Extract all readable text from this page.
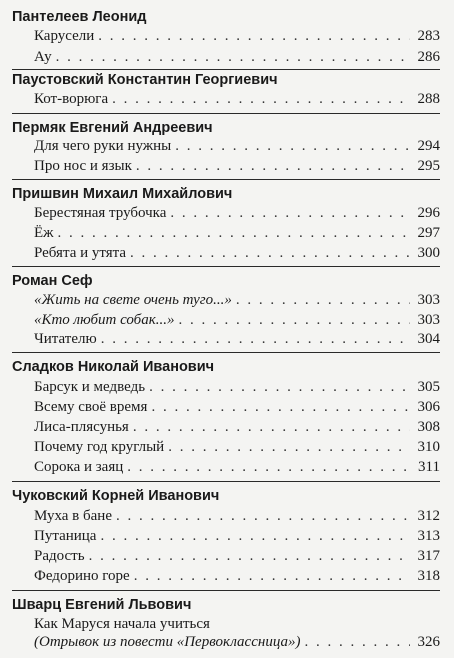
Пантелеев Леонид
Карусели . . .	283
Ау . . .	286
Паустовский Константин Георгиевич
Кот-ворюга . . .	288
Пермяк Евгений Андреевич
Для чего руки нужны . . .	294
Про нос и язык . . .	295
Пришвин Михаил Михайлович
Берестяная трубочка . . .	296
Ёж . . .	297
Ребята и утята . . .	300
Роман Сеф
«Жить на свете очень туго...» . . .	303
«Кто любит собак...» . . .	303
Читателю . . .	304
Сладков Николай Иванович
Барсук и медведь . . .	305
Всему своё время . . .	306
Лиса-плясунья . . .	308
Почему год круглый . . .	310
Сорока и заяц . . .	311
Чуковский Корней Иванович
Муха в бане . . .	312
Путаница . . .	313
Радость . . .	317
Федорино горе . . .	318
Шварц Евгений Львович
Как Маруся начала учиться
(Отрывок из повести «Первоклассница») . . .	326
